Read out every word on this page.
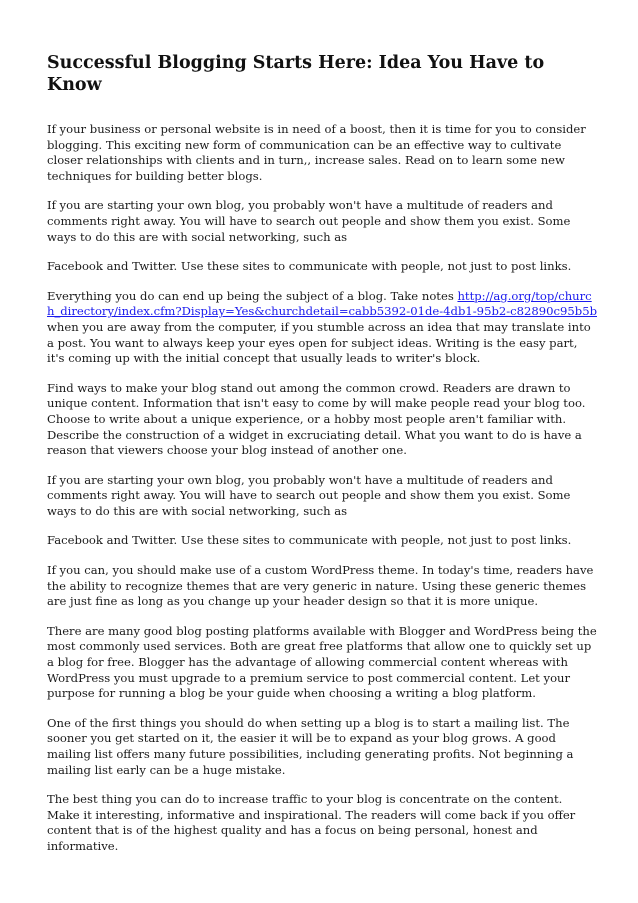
Successful Blogging Starts Here: Idea You Have to Know

If your business or personal website is in need of a boost, then it is time for you to consider blogging. This exciting new form of communication can be an effective way to cultivate closer relationships with clients and in turn,, increase sales. Read on to learn some new techniques for building better blogs.

If you are starting your own blog, you probably won't have a multitude of readers and comments right away. You will have to search out people and show them you exist. Some ways to do this are with social networking, such as

Facebook and Twitter. Use these sites to communicate with people, not just to post links.

Everything you do can end up being the subject of a blog. Take notes http://ag.org/top/church_directory/index.cfm?Display=Yes&churchdetail=cabb5392-01de-4db1-95b2-c82890c95b5b when you are away from the computer, if you stumble across an idea that may translate into a post. You want to always keep your eyes open for subject ideas. Writing is the easy part, it's coming up with the initial concept that usually leads to writer's block.

Find ways to make your blog stand out among the common crowd. Readers are drawn to unique content. Information that isn't easy to come by will make people read your blog too. Choose to write about a unique experience, or a hobby most people aren't familiar with. Describe the construction of a widget in excruciating detail. What you want to do is have a reason that viewers choose your blog instead of another one.

If you are starting your own blog, you probably won't have a multitude of readers and comments right away. You will have to search out people and show them you exist. Some ways to do this are with social networking, such as

Facebook and Twitter. Use these sites to communicate with people, not just to post links.

If you can, you should make use of a custom WordPress theme. In today's time, readers have the ability to recognize themes that are very generic in nature. Using these generic themes are just fine as long as you change up your header design so that it is more unique.

There are many good blog posting platforms available with Blogger and WordPress being the most commonly used services. Both are great free platforms that allow one to quickly set up a blog for free. Blogger has the advantage of allowing commercial content whereas with WordPress you must upgrade to a premium service to post commercial content. Let your purpose for running a blog be your guide when choosing a writing a blog platform.

One of the first things you should do when setting up a blog is to start a mailing list. The sooner you get started on it, the easier it will be to expand as your blog grows. A good mailing list offers many future possibilities, including generating profits. Not beginning a mailing list early can be a huge mistake.

The best thing you can do to increase traffic to your blog is concentrate on the content. Make it interesting, informative and inspirational. The readers will come back if you offer content that is of the highest quality and has a focus on being personal, honest and informative.
